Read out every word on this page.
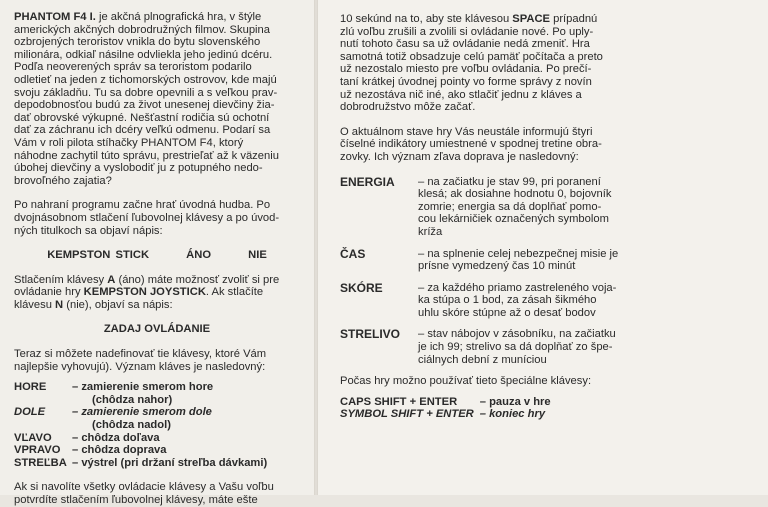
PHANTOM F4 I. je akčná plnografická hra, v štýle
amerických akčných dobrodružných filmov. Skupina
ozbrojených teroristov vnikla do bytu slovenského
milionára, odkiaľ násilne odvliekla jeho jedinú dcéru.
Podľa neoverených správ sa teroristom podarilo
odletieť na jeden z tichomorských ostrovov, kde majú
svoju základňu. Tu sa dobre opevnili a s veľkou prav-
depodobnosťou budú za život unesenej dievčiny žia-
dať obrovské výkupné. Nešťastní rodičia sú ochotní
dať za záchranu ich dcéry veľkú odmenu. Podarí sa
Vám v roli pilota stíhačky PHANTOM F4, ktorý
náhodne zachytil túto správu, prestrieľať až k väzeniu
úbohej dievčiny a vyslobodiť ju z potupného nedo-
brovoľného zajatia?

Po nahraní programu začne hrať úvodná hudba. Po
dvojnásobnom stlačení ľubovolnej klávesy a po úvod-
ných titulkoch sa objaví nápis:

KEMPSTON STICK	ÁNO	NIE

Stlačením klávesy A (áno) máte možnosť zvoliť si pre
ovládanie hry KEMPSTON JOYSTICK. Ak stlačíte
klávesu N (nie), objaví sa nápis:

ZADAJ OVLÁDANIE

Teraz si môžete nadefinovať tie klávesy, ktoré Vám
najlepšie vyhovujú). Význam kláves je nasledovný:

HORE	– zamierenie smerom hore
(chôdza nahor)
DOLE	– zamierenie smerom dole
(chôdza nadol)
VĽAVO	– chôdza doľava
VPRAVO	– chôdza doprava
STREĽBA – výstrel (pri držaní streľba dávkami)

Ak si navolíte všetky ovládacie klávesy a Vašu voľbu
potvrdíte stlačením ľubovolnej klávesy, máte ešte

10 sekúnd na to, aby ste klávesou SPACE prípadnú
zlú voľbu zrušili a zvolili si ovládanie nové. Po uply-
nutí tohoto času sa už ovládanie nedá zmeniť. Hra
samotná totiž obsadzuje celú pamäť počítača a preto
už nezostalo miesto pre voľbu ovládania. Po prečí-
taní krátkej úvodnej pointy vo forme správy z novín
už nezostáva nič iné, ako stlačiť jednu z kláves a
dobrodružstvo môže začať.

O aktuálnom stave hry Vás neustále informujú štyri
číselné indikátory umiestnené v spodnej tretine obra-
zovky. Ich význam zľava doprava je nasledovný:

ENERGIA	– na začiatku je stav 99, pri poranení
klesá; ak dosiahne hodnotu 0, bojovník
zomrie; energia sa dá doplňať pomo-
cou lekárničiek označených symbolom
kríža
ČAS	– na splnenie celej nebezpečnej misie je
prísne vymedzený čas 10 minút
SKÓRE	– za každého priamo zastreleného voja-
ka stúpa o 1 bod, za zásah šikmého
uhlu skóre stúpne až o desať bodov
STRELIVO – stav nábojov v zásobníku, na začiatku
je ich 99; strelivo sa dá doplňať zo špe-
ciálnych dební z muníciou

Počas hry možno používať tieto špeciálne klávesy:

CAPS SHIFT + ENTER	– pauza v hre
SYMBOL SHIFT + ENTER – koniec hry
